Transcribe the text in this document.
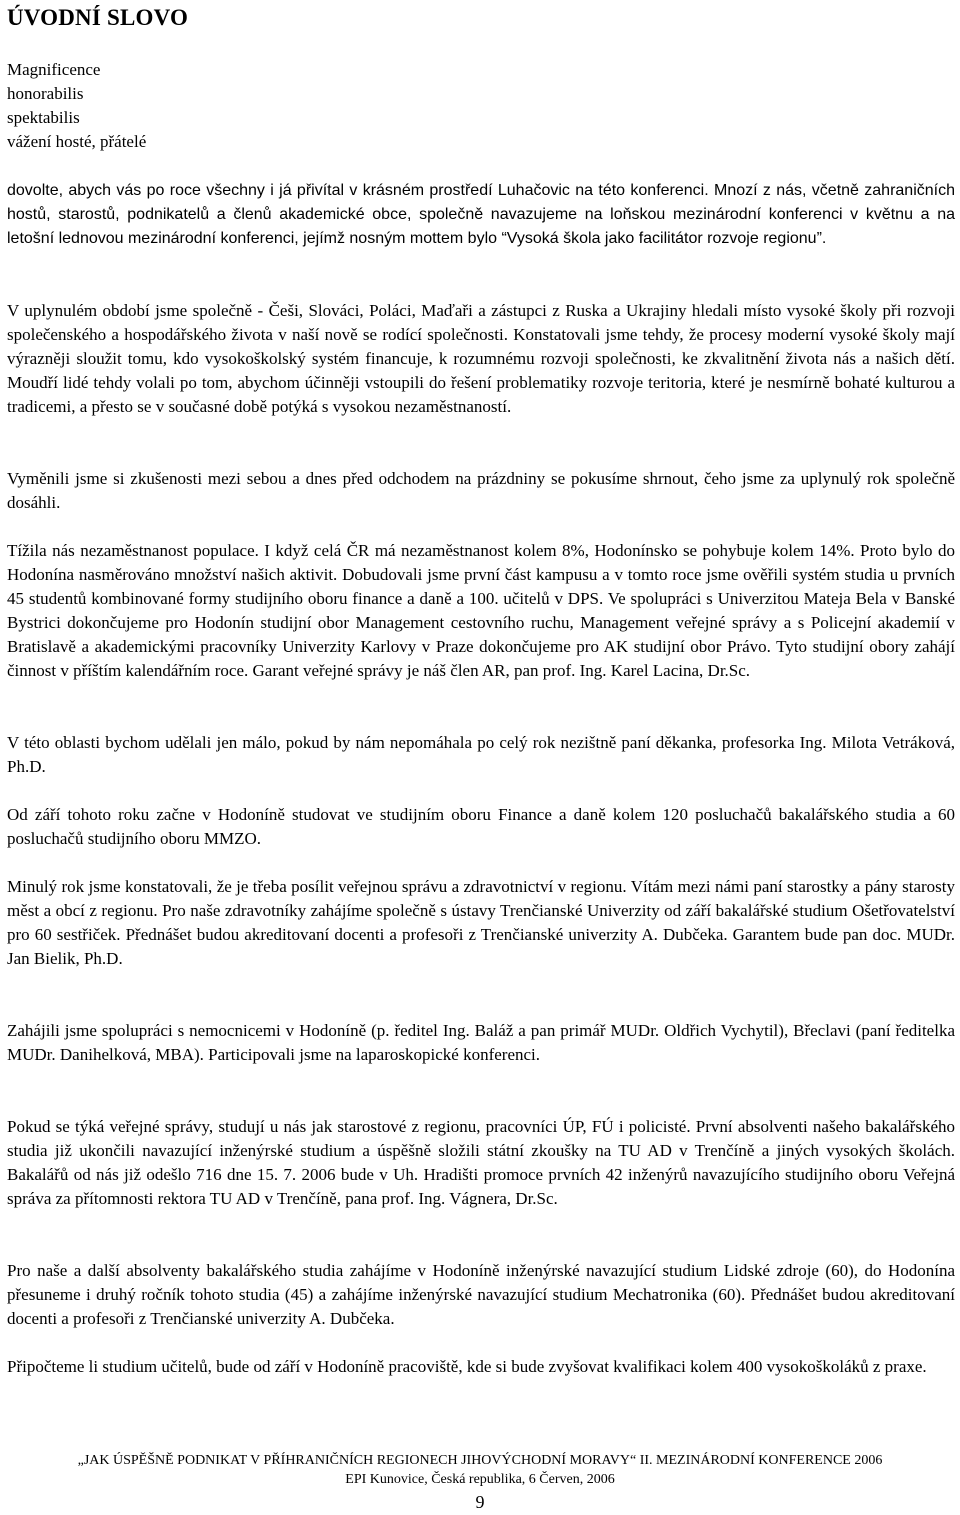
ÚVODNÍ SLOVO
Magnificence
honorabilis
spektabilis
vážení hosté, přátelé
dovolte, abych vás po roce všechny i já přivítal v krásném prostředí Luhačovic na této konferenci. Mnozí z nás, včetně zahraničních hostů, starostů, podnikatelů a členů akademické obce, společně navazujeme na loňskou mezinárodní konferenci v květnu a na letošní lednovou mezinárodní konferenci, jejímž nosným mottem bylo “Vysoká škola jako facilitátor rozvoje regionu”.
V uplynulém období jsme společně - Češi, Slováci, Poláci, Maďaři a zástupci z Ruska a Ukrajiny hledali místo vysoké školy při rozvoji společenského a hospodářského života v naší nově se rodící společnosti. Konstatovali jsme tehdy, že procesy moderní vysoké školy mají výrazněji sloužit tomu, kdo vysokoškolský systém financuje, k rozumnému rozvoji společnosti, ke zkvalitnění života nás a našich dětí. Moudří lidé tehdy volali po tom, abychom účinněji vstoupili do řešení problematiky rozvoje teritoria, které je nesmírně bohaté kulturou a tradicemi, a přesto se v současné době potýká s vysokou nezaměstnaností.
Vyměnili jsme si zkušenosti mezi sebou a dnes před odchodem na prázdniny se pokusíme shrnout, čeho jsme za uplynulý rok společně dosáhli.
Tížila nás nezaměstnanost populace. I když celá ČR má nezaměstnanost kolem 8%, Hodonínsko se pohybuje kolem 14%. Proto bylo do Hodonína nasměrováno množství našich aktivit. Dobudovali jsme první část kampusu a v tomto roce jsme ověřili systém studia u prvních 45 studentů kombinované formy studijního oboru finance a daně a 100. učitelů v DPS. Ve spolupráci s Univerzitou Mateja Bela v Banské Bystrici dokončujeme pro Hodonín studijní obor Management cestovního ruchu, Management veřejné správy a s Policejní akademií v Bratislavě a akademickými pracovníky Univerzity Karlovy v Praze dokončujeme pro AK studijní obor Právo. Tyto studijní obory zahájí činnost v příštím kalendářním roce. Garant veřejné správy je náš člen AR, pan prof. Ing. Karel Lacina, Dr.Sc.
V této oblasti bychom udělali jen málo, pokud by nám nepomáhala po celý rok nezištně paní děkanka, profesorka Ing. Milota Vetráková, Ph.D.
Od září tohoto roku začne v Hodoníně studovat ve studijním oboru Finance a daně kolem 120 posluchačů bakalářského studia a 60 posluchačů studijního oboru MMZO.
Minulý rok jsme konstatovali, že je třeba posílit veřejnou správu a zdravotnictví v regionu. Vítám mezi námi paní starostky a pány starosty měst a obcí z regionu. Pro naše zdravotníky zahájíme společně s ústavy Trenčianské Univerzity od září bakalářské studium Ošetřovatelství pro 60 sestřiček. Přednášet budou akreditovaní docenti a profesoři z Trenčianské univerzity A. Dubčeka. Garantem bude pan doc. MUDr. Jan Bielik, Ph.D.
Zahájili jsme spolupráci s nemocnicemi v Hodoníně (p. ředitel Ing. Baláž a pan primář MUDr. Oldřich Vychytil), Břeclavi (paní ředitelka MUDr. Danihelková, MBA). Participovali jsme na laparoskopické konferenci.
Pokud se týká veřejné správy, studují u nás jak starostové z regionu, pracovníci ÚP, FÚ i policisté. První absolventi našeho bakalářského studia již ukončili navazující inženýrské studium a úspěšně složili státní zkoušky na TU AD v Trenčíně a jiných vysokých školách. Bakalářů od nás již odešlo 716 dne 15. 7. 2006 bude v Uh. Hradišti promoce prvních 42 inženýrů navazujícího studijního oboru Veřejná správa za přítomnosti rektora TU AD v Trenčíně, pana prof. Ing. Vágnera, Dr.Sc.
Pro naše a další absolventy bakalářského studia zahájíme v Hodoníně inženýrské navazující studium Lidské zdroje (60), do Hodonína přesuneme i druhý ročník tohoto studia (45) a zahájíme inženýrské navazující studium Mechatronika (60). Přednášet budou akreditovaní docenti a profesoři z Trenčianské univerzity A. Dubčeka.
Připočteme li studium učitelů, bude od září v Hodoníně pracoviště, kde si bude zvyšovat kvalifikaci kolem 400 vysokoškoláků z praxe.
„JAK ÚSPĚŠNĚ PODNIKAT V PŘÍHRANIČNÍCH REGIONECH JIHOVÝCHODNÍ MORAVY“ II. MEZINÁRODNÍ KONFERENCE 2006
EPI Kunovice, Česká republika, 6 Červen, 2006
9
